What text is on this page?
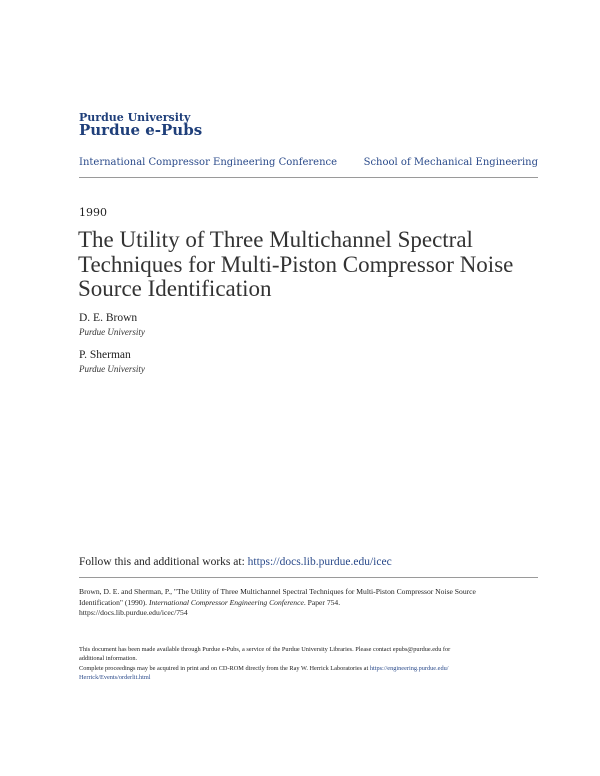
Purdue University
Purdue e-Pubs
International Compressor Engineering Conference	School of Mechanical Engineering
1990
The Utility of Three Multichannel Spectral
Techniques for Multi-Piston Compressor Noise
Source Identification
D. E. Brown
Purdue University
P. Sherman
Purdue University
Follow this and additional works at: https://docs.lib.purdue.edu/icec
Brown, D. E. and Sherman, P., "The Utility of Three Multichannel Spectral Techniques for Multi-Piston Compressor Noise Source
Identification" (1990). International Compressor Engineering Conference. Paper 754.
https://docs.lib.purdue.edu/icec/754
This document has been made available through Purdue e-Pubs, a service of the Purdue University Libraries. Please contact epubs@purdue.edu for
additional information.
Complete proceedings may be acquired in print and on CD-ROM directly from the Ray W. Herrick Laboratories at https://engineering.purdue.edu/
Herrick/Events/orderlit.html
